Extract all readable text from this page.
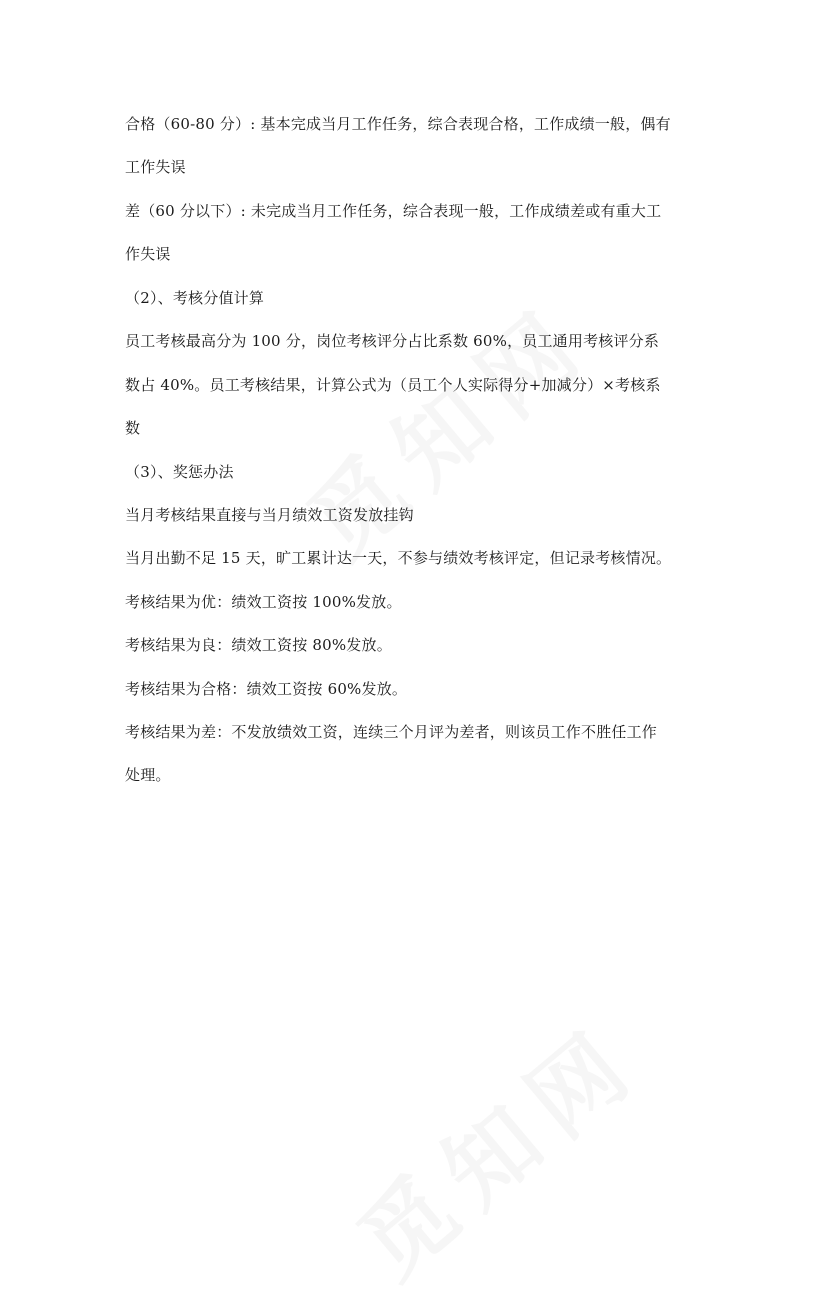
合格（60-80 分）: 基本完成当月工作任务，综合表现合格，工作成绩一般，偶有
工作失误
差（60 分以下）: 未完成当月工作任务，综合表现一般，工作成绩差或有重大工
作失误
（2）、考核分值计算
员工考核最高分为 100 分，岗位考核评分占比系数 60%，员工通用考核评分系
数占 40%。员工考核结果，计算公式为（员工个人实际得分+加减分）×考核系
数
（3）、奖惩办法
当月考核结果直接与当月绩效工资发放挂钩
当月出勤不足 15 天，旷工累计达一天，不参与绩效考核评定，但记录考核情况。
考核结果为优：绩效工资按 100%发放。
考核结果为良：绩效工资按 80%发放。
考核结果为合格：绩效工资按 60%发放。
考核结果为差：不发放绩效工资，连续三个月评为差者，则该员工作不胜任工作
处理。
